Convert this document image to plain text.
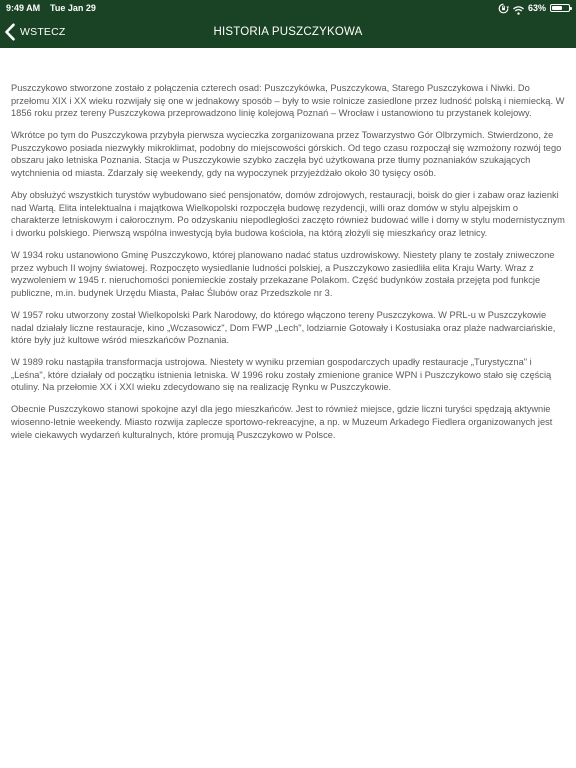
9:49 AM Tue Jan 29	63%
WSTECZ	HISTORIA PUSZCZYKOWA

Puszczykowo stworzone zostało z połączenia czterech osad: Puszczykówka, Puszczykowa, Starego Puszczykowa i Niwki. Do przełomu XIX i XX wieku rozwijały się one w jednakowy sposób – były to wsie rolnicze zasiedlone przez ludność polską i niemiecką. W 1856 roku przez tereny Puszczykowa przeprowadzono linię kolejową Poznań – Wrocław i ustanowiono tu przystanek kolejowy.

Wkrótce po tym do Puszczykowa przybyła pierwsza wycieczka zorganizowana przez Towarzystwo Gór Olbrzymich. Stwierdzono, że Puszczykowo posiada niezwykły mikroklimat, podobny do miejscowości górskich. Od tego czasu rozpoczął się wzmożony rozwój tego obszaru jako letniska Poznania. Stacja w Puszczykowie szybko zaczęła być użytkowana prze tłumy poznaniaków szukających wytchnienia od miasta. Zdarzały się weekendy, gdy na wypoczynek przyjeżdżało około 30 tysięcy osób.

Aby obsłużyć wszystkich turystów wybudowano sieć pensjonatów, domów zdrojowych, restauracji, boisk do gier i zabaw oraz łazienki nad Wartą. Elita intelektualna i majątkowa Wielkopolski rozpoczęła budowę rezydencji, willi oraz domów w stylu alpejskim o charakterze letniskowym i całorocznym. Po odzyskaniu niepodległości zaczęto również budować wille i domy w stylu modernistycznym i dworku polskiego. Pierwszą wspólna inwestycją była budowa kościoła, na którą złożyli się mieszkańcy oraz letnicy.

W 1934 roku ustanowiono Gminę Puszczykowo, której planowano nadać status uzdrowiskowy. Niestety plany te zostały zniweczone przez wybuch II wojny światowej. Rozpoczęto wysiedlanie ludności polskiej, a Puszczykowo zasiedliła elita Kraju Warty. Wraz z wyzwoleniem w 1945 r. nieruchomości poniemieckie zostały przekazane Polakom. Część budynków została przejęta pod funkcje publiczne, m.in. budynek Urzędu Miasta, Pałac Ślubów oraz Przedszkole nr 3.

W 1957 roku utworzony został Wielkopolski Park Narodowy, do którego włączono tereny Puszczykowa. W PRL-u w Puszczykowie nadal działały liczne restauracje, kino „Wczasowicz", Dom FWP „Lech", lodziarnie Gotowały i Kostusiaka oraz plaże nadwarciańskie, które były już kultowe wśród mieszkańców Poznania.

W 1989 roku nastąpiła transformacja ustrojowa. Niestety w wyniku przemian gospodarczych upadły restauracje „Turystyczna" i „Leśna", które działały od początku istnienia letniska. W 1996 roku zostały zmienione granice WPN i Puszczykowo stało się częścią otuliny. Na przełomie XX i XXI wieku zdecydowano się na realizację Rynku w Puszczykowie.

Obecnie Puszczykowo stanowi spokojne azyl dla jego mieszkańców. Jest to również miejsce, gdzie liczni turyści spędzają aktywnie wiosenno-letnie weekendy. Miasto rozwija zaplecze sportowo-rekreacyjne, a np. w Muzeum Arkadego Fiedlera organizowanych jest wiele ciekawych wydarzeń kulturalnych, które promują Puszczykowo w Polsce.
